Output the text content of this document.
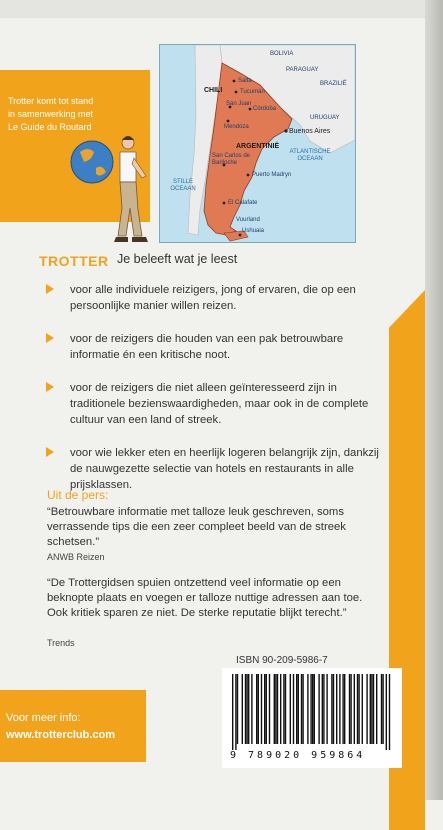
Trotter komt tot stand
in samenwerking met
Le Guide du Routard
BOLIVIA
PARAGUAY
BRAZILIË
URUGUAY
CHILI
ARGENTINIË
Salta
Tucumán
San Juan
Córdoba
Mendoza
Buenos Aires
San Carlos de Bariloche
Puerto Madryn
El Calafate
Vuurland
Ushuaia
ATLANTISCHE OCEAAN
STILLE OCEAAN
TROTTER Je beleeft wat je leest
voor alle individuele reizigers, jong of ervaren, die op een persoonlijke manier willen reizen.
voor de reizigers die houden van een pak betrouwbare informatie én een kritische noot.
voor de reizigers die niet alleen geïnteresseerd zijn in traditionele bezienswaardigheden, maar ook in de complete cultuur van een land of streek.
voor wie lekker eten en heerlijk logeren belangrijk zijn, dankzij de nauwgezette selectie van hotels en restaurants in alle prijsklassen.
Uit de pers:
“Betrouwbare informatie met talloze leuk geschreven, soms verrassende tips die een zeer compleet beeld van de streek schetsen.”
ANWB Reizen
“De Trottergidsen spuien ontzettend veel informatie op een beknopte plaats en voegen er talloze nuttige adressen aan toe. Ook kritiek sparen ze niet. De sterke reputatie blijkt terecht.”
Trends
ISBN 90-209-5986-7
9 789020 959864
Voor meer info:
www.trotterclub.com
